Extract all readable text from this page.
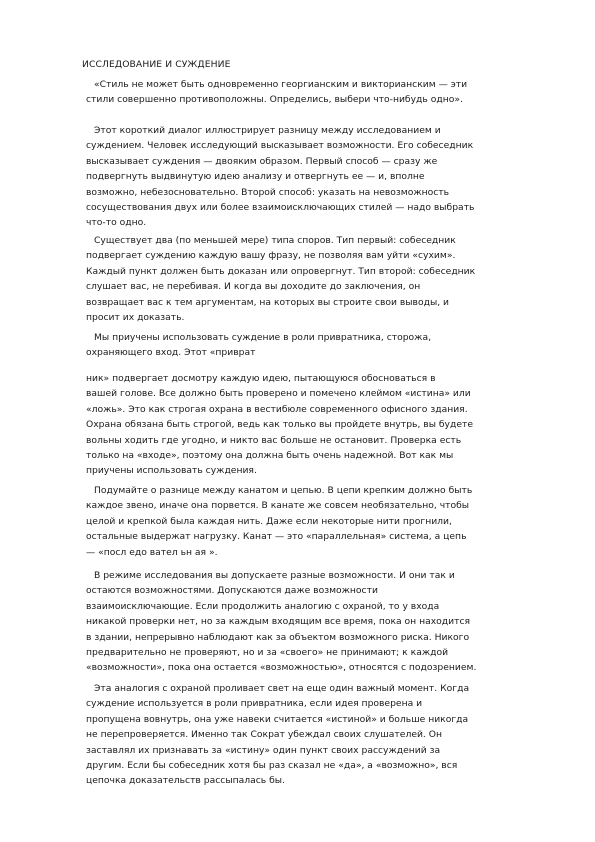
ИССЛЕДОВАНИЕ И СУЖДЕНИЕ
«Стиль не может быть одновременно георгианским и викторианским — эти
стили совершенно противоположны. Определись, выбери что-нибудь одно».
Этот короткий диалог иллюстрирует разницу между исследованием и
суждением. Человек исследующий высказывает возможности. Его собеседник
высказывает суждения — двояким образом. Первый способ — сразу же
подвергнуть выдвинутую идею анализу и отвергнуть ее — и, вполне
возможно, небезосновательно. Второй способ: указать на невозможность
сосуществования двух или более взаимоисключающих стилей — надо выбрать
что-то одно.
Существует два (по меньшей мере) типа споров. Тип первый: собеседник
подвергает суждению каждую вашу фразу, не позволяя вам уйти «сухим».
Каждый пункт должен быть доказан или опровергнут. Тип второй: собеседник
слушает вас, не перебивая. И когда вы доходите до заключения, он
возвращает вас к тем аргументам, на которых вы строите свои выводы, и
просит их доказать.
Мы приучены использовать суждение в роли привратника, сторожа,
охраняющего вход. Этот «приврат
ник» подвергает досмотру каждую идею, пытающуюся обосноваться в
вашей голове. Все должно быть проверено и помечено клеймом «истина» или
«ложь». Это как строгая охрана в вестибюле современного офисного здания.
Охрана обязана быть строгой, ведь как только вы пройдете внутрь, вы будете
вольны ходить где угодно, и никто вас больше не остановит. Проверка есть
только на «входе», поэтому она должна быть очень надежной. Вот как мы
приучены использовать суждения.
Подумайте о разнице между канатом и цепью. В цепи крепким должно быть
каждое звено, иначе она порвется. В канате же совсем необязательно, чтобы
целой и крепкой была каждая нить. Даже если некоторые нити прогнили,
остальные выдержат нагрузку. Канат — это «параллельная» система, а цепь
— «посл едо вател ьн ая ».
В режиме исследования вы допускаете разные возможности. И они так и
остаются возможностями. Допускаются даже возможности
взаимоисключающие. Если продолжить аналогию с охраной, то у входа
никакой проверки нет, но за каждым входящим все время, пока он находится
в здании, непрерывно наблюдают как за объектом возможного риска. Никого
предварительно не проверяют, но и за «своего» не принимают; к каждой
«возможности», пока она остается «возможностью», относятся с подозрением.
Эта аналогия с охраной проливает свет на еще один важный момент. Когда
суждение используется в роли привратника, если идея проверена и
пропущена вовнутрь, она уже навеки считается «истиной» и больше никогда
не перепроверяется. Именно так Сократ убеждал своих слушателей. Он
заставлял их признавать за «истину» один пункт своих рассуждений за
другим. Если бы собеседник хотя бы раз сказал не «да», а «возможно», вся
цепочка доказательств рассыпалась бы.
